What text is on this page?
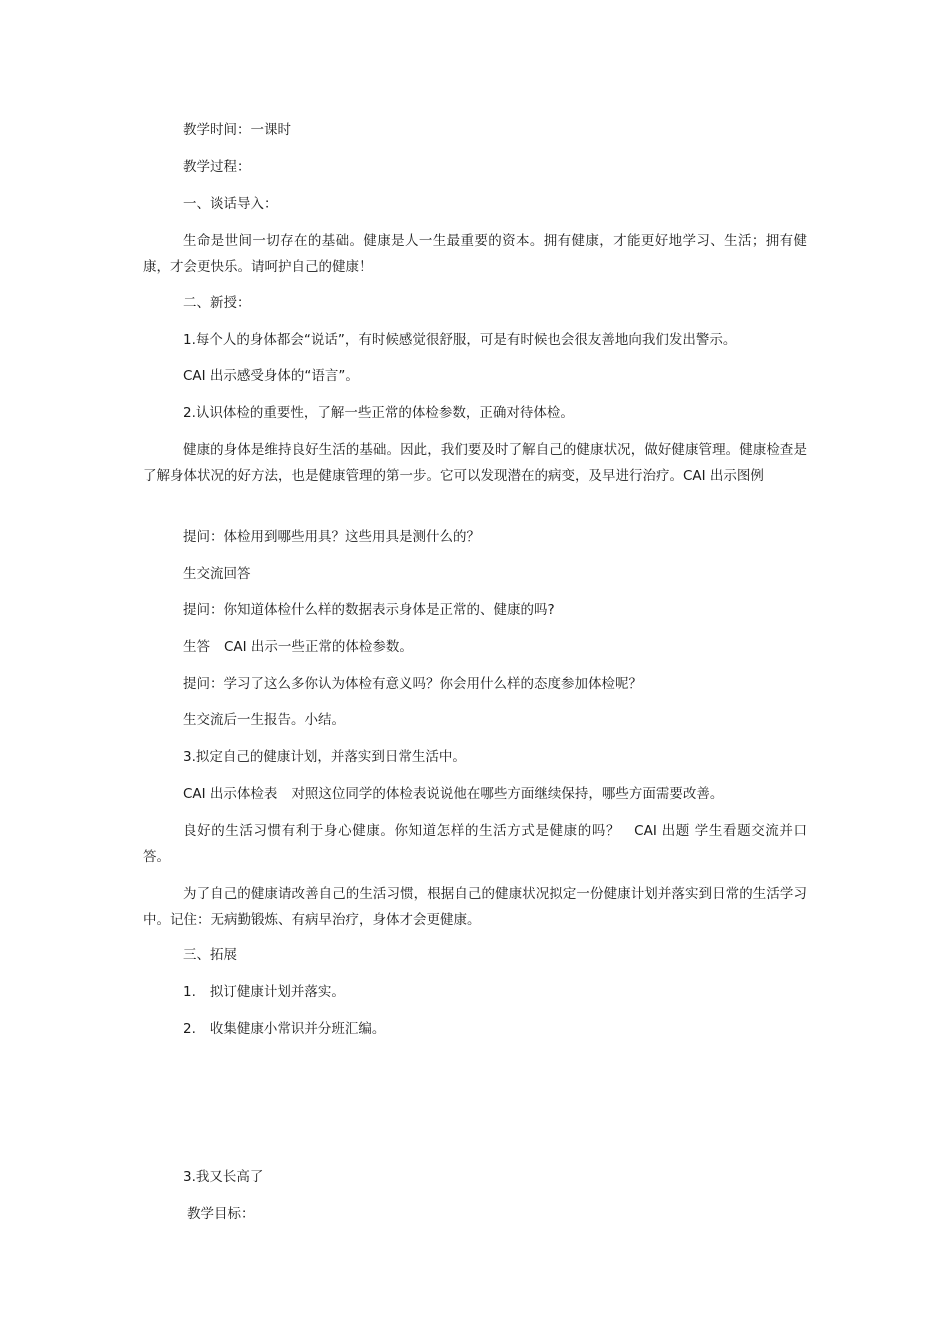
教学时间：一课时

教学过程：

一、谈话导入：

生命是世间一切存在的基础。健康是人一生最重要的资本。拥有健康，才能更好地学习、生活；拥有健康，才会更快乐。请呵护自己的健康！

二、新授：

1.每个人的身体都会“说话”，有时候感觉很舒服，可是有时候也会很友善地向我们发出警示。

CAI 出示感受身体的“语言”。

2.认识体检的重要性，了解一些正常的体检参数，正确对待体检。

健康的身体是维持良好生活的基础。因此，我们要及时了解自己的健康状况，做好健康管理。健康检查是了解身体状况的好方法，也是健康管理的第一步。它可以发现潜在的病变，及早进行治疗。CAI 出示图例

提问：体检用到哪些用具？这些用具是测什么的？

生交流回答

提问：你知道体检什么样的数据表示身体是正常的、健康的吗?

生答 CAI 出示一些正常的体检参数。

提问：学习了这么多你认为体检有意义吗？你会用什么样的态度参加体检呢？

生交流后一生报告。小结。

3.拟定自己的健康计划，并落实到日常生活中。

CAI 出示体检表 对照这位同学的体检表说说他在哪些方面继续保持，哪些方面需要改善。

良好的生活习惯有利于身心健康。你知道怎样的生活方式是健康的吗？　CAI 出题 学生看题交流并口答。

为了自己的健康请改善自己的生活习惯，根据自己的健康状况拟定一份健康计划并落实到日常的生活学习中。记住：无病勤锻炼、有病早治疗，身体才会更健康。

三、拓展

1. 拟订健康计划并落实。

2. 收集健康小常识并分班汇编。

3.我又长高了

教学目标：
